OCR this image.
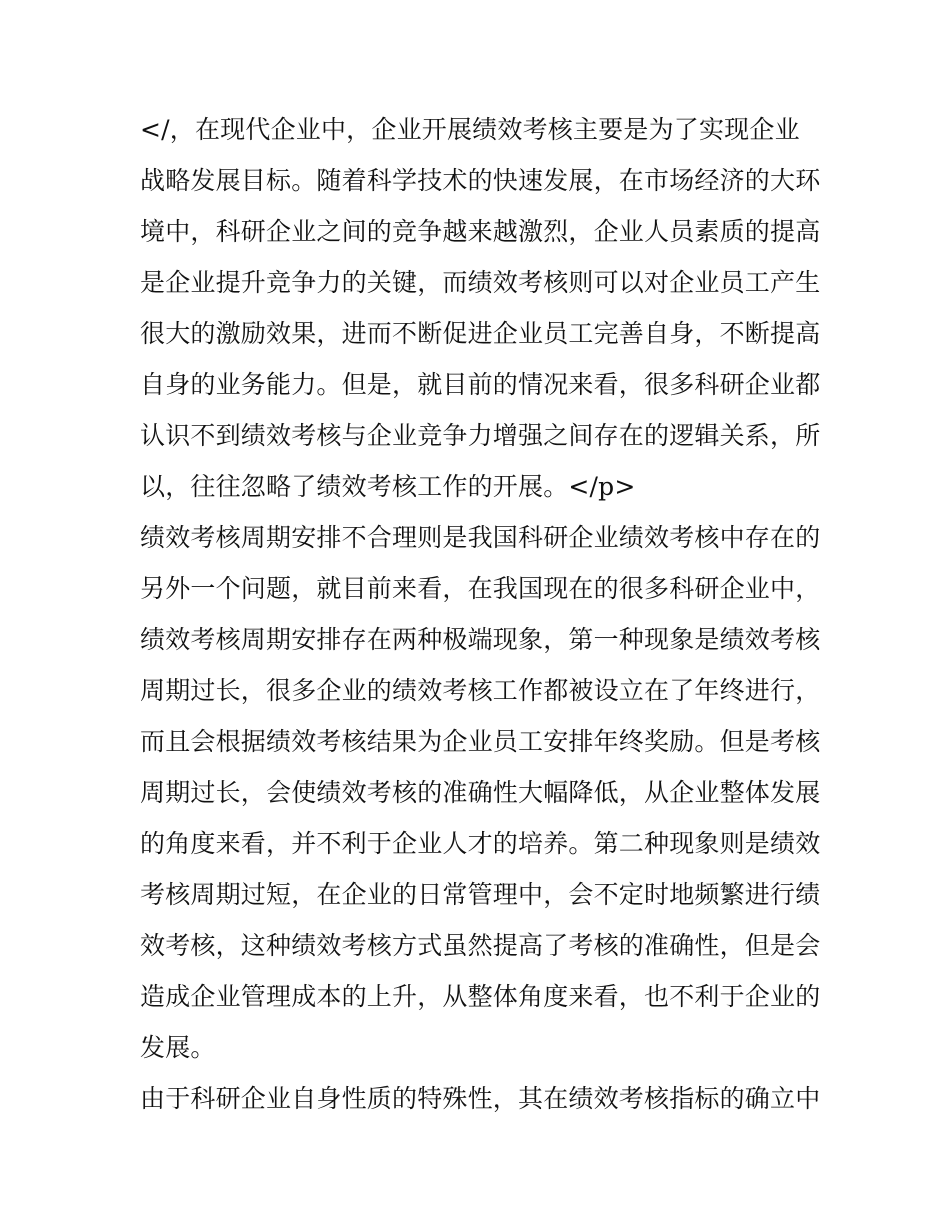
</，在现代企业中，企业开展绩效考核主要是为了实现企业
战略发展目标。随着科学技术的快速发展，在市场经济的大环
境中，科研企业之间的竞争越来越激烈，企业人员素质的提高
是企业提升竞争力的关键，而绩效考核则可以对企业员工产生
很大的激励效果，进而不断促进企业员工完善自身，不断提高
自身的业务能力。但是，就目前的情况来看，很多科研企业都
认识不到绩效考核与企业竞争力增强之间存在的逻辑关系，所
以，往往忽略了绩效考核工作的开展。</p>
绩效考核周期安排不合理则是我国科研企业绩效考核中存在的
另外一个问题，就目前来看，在我国现在的很多科研企业中，
绩效考核周期安排存在两种极端现象，第一种现象是绩效考核
周期过长，很多企业的绩效考核工作都被设立在了年终进行，
而且会根据绩效考核结果为企业员工安排年终奖励。但是考核
周期过长，会使绩效考核的准确性大幅降低，从企业整体发展
的角度来看，并不利于企业人才的培养。第二种现象则是绩效
考核周期过短，在企业的日常管理中，会不定时地频繁进行绩
效考核，这种绩效考核方式虽然提高了考核的准确性，但是会
造成企业管理成本的上升，从整体角度来看，也不利于企业的
发展。
由于科研企业自身性质的特殊性，其在绩效考核指标的确立中
